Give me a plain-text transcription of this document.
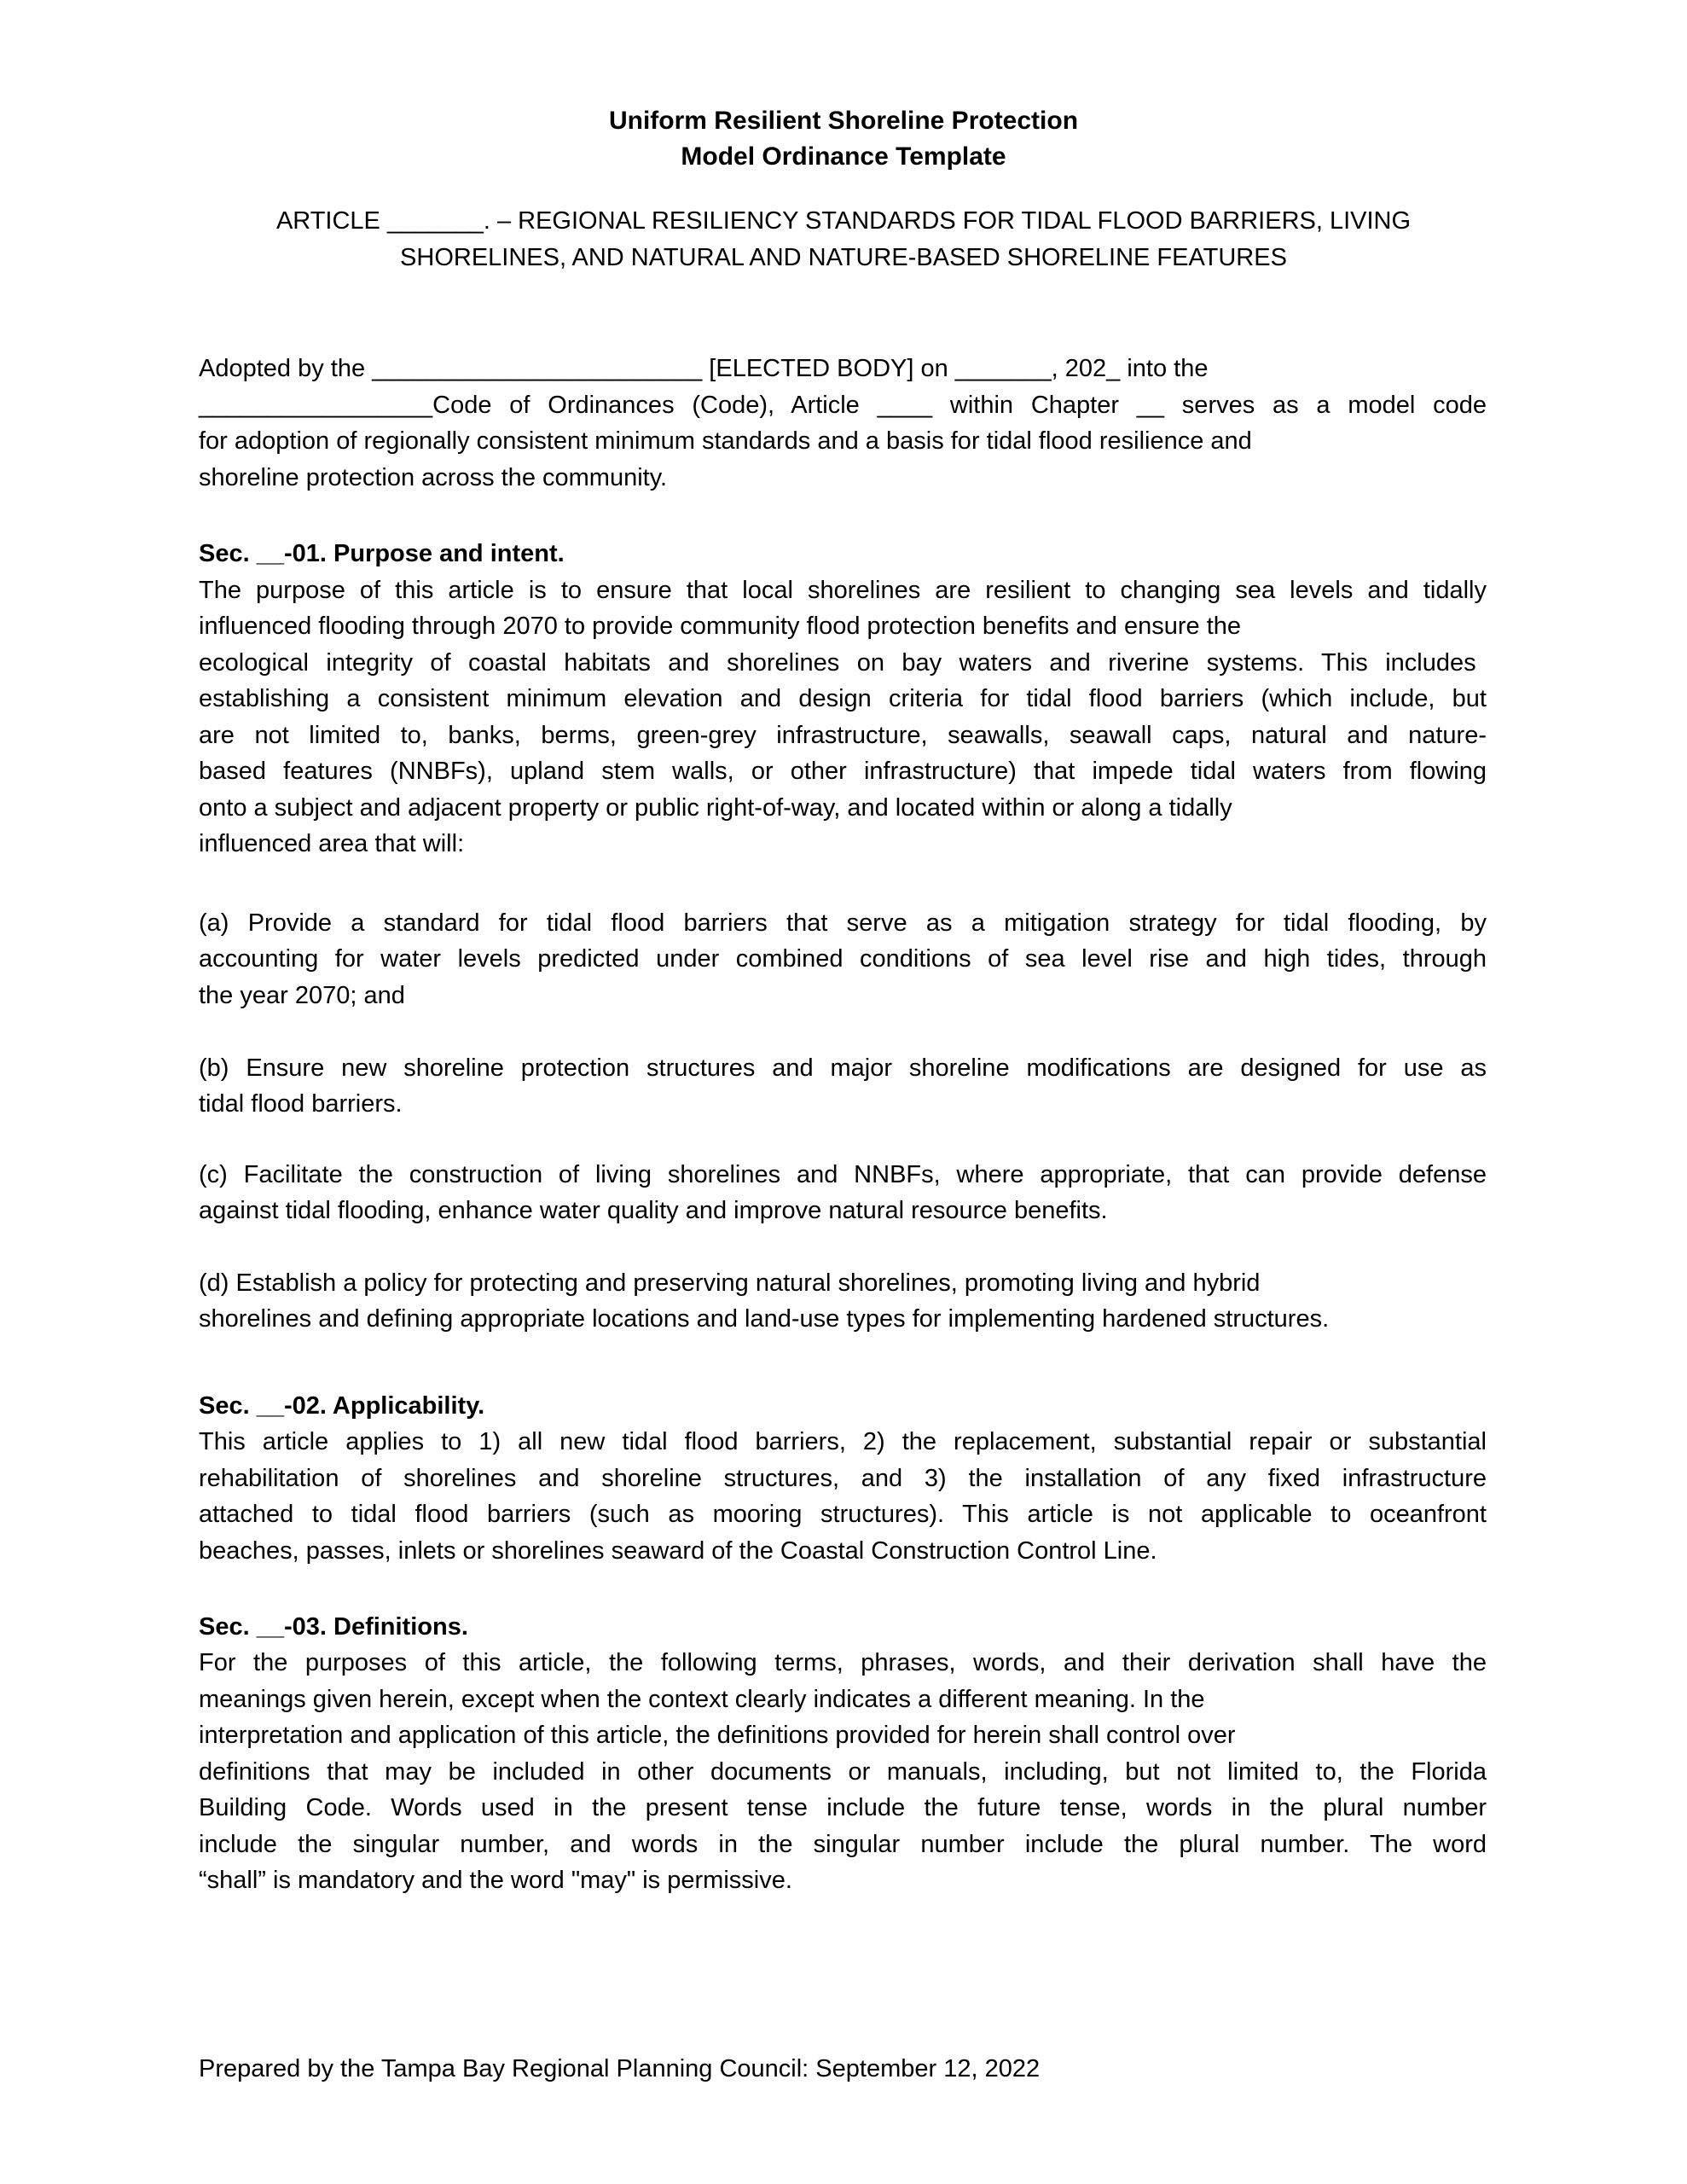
Uniform Resilient Shoreline Protection
Model Ordinance Template
ARTICLE _______. – REGIONAL RESILIENCY STANDARDS FOR TIDAL FLOOD BARRIERS, LIVING
SHORELINES, AND NATURAL AND NATURE-BASED SHORELINE FEATURES
Adopted by the ________________________ [ELECTED BODY] on _______, 202_ into the
_________________Code of Ordinances (Code), Article ____ within Chapter __ serves as a model code
for adoption of regionally consistent minimum standards and a basis for tidal flood resilience and
shoreline protection across the community.
Sec. __-01. Purpose and intent.
The purpose of this article is to ensure that local shorelines are resilient to changing sea levels and tidally
influenced flooding through 2070 to provide community flood protection benefits and ensure the
ecological integrity of coastal habitats and shorelines on bay waters and riverine systems. This includes
establishing a consistent minimum elevation and design criteria for tidal flood barriers (which include, but
are not limited to, banks, berms, green-grey infrastructure, seawalls, seawall caps, natural and nature-
based features (NNBFs), upland stem walls, or other infrastructure) that impede tidal waters from flowing
onto a subject and adjacent property or public right-of-way, and located within or along a tidally
influenced area that will:
(a) Provide a standard for tidal flood barriers that serve as a mitigation strategy for tidal flooding, by
accounting for water levels predicted under combined conditions of sea level rise and high tides, through
the year 2070; and
(b) Ensure new shoreline protection structures and major shoreline modifications are designed for use as
tidal flood barriers.
(c) Facilitate the construction of living shorelines and NNBFs, where appropriate, that can provide defense
against tidal flooding, enhance water quality and improve natural resource benefits.
(d) Establish a policy for protecting and preserving natural shorelines, promoting living and hybrid
shorelines and defining appropriate locations and land-use types for implementing hardened structures.
Sec. __-02. Applicability.
This article applies to 1) all new tidal flood barriers, 2) the replacement, substantial repair or substantial
rehabilitation of shorelines and shoreline structures, and 3) the installation of any fixed infrastructure
attached to tidal flood barriers (such as mooring structures). This article is not applicable to oceanfront
beaches, passes, inlets or shorelines seaward of the Coastal Construction Control Line.
Sec. __-03. Definitions.
For the purposes of this article, the following terms, phrases, words, and their derivation shall have the
meanings given herein, except when the context clearly indicates a different meaning. In the
interpretation and application of this article, the definitions provided for herein shall control over
definitions that may be included in other documents or manuals, including, but not limited to, the Florida
Building Code. Words used in the present tense include the future tense, words in the plural number
include the singular number, and words in the singular number include the plural number. The word
“shall” is mandatory and the word "may" is permissive.
Prepared by the Tampa Bay Regional Planning Council: September 12, 2022
